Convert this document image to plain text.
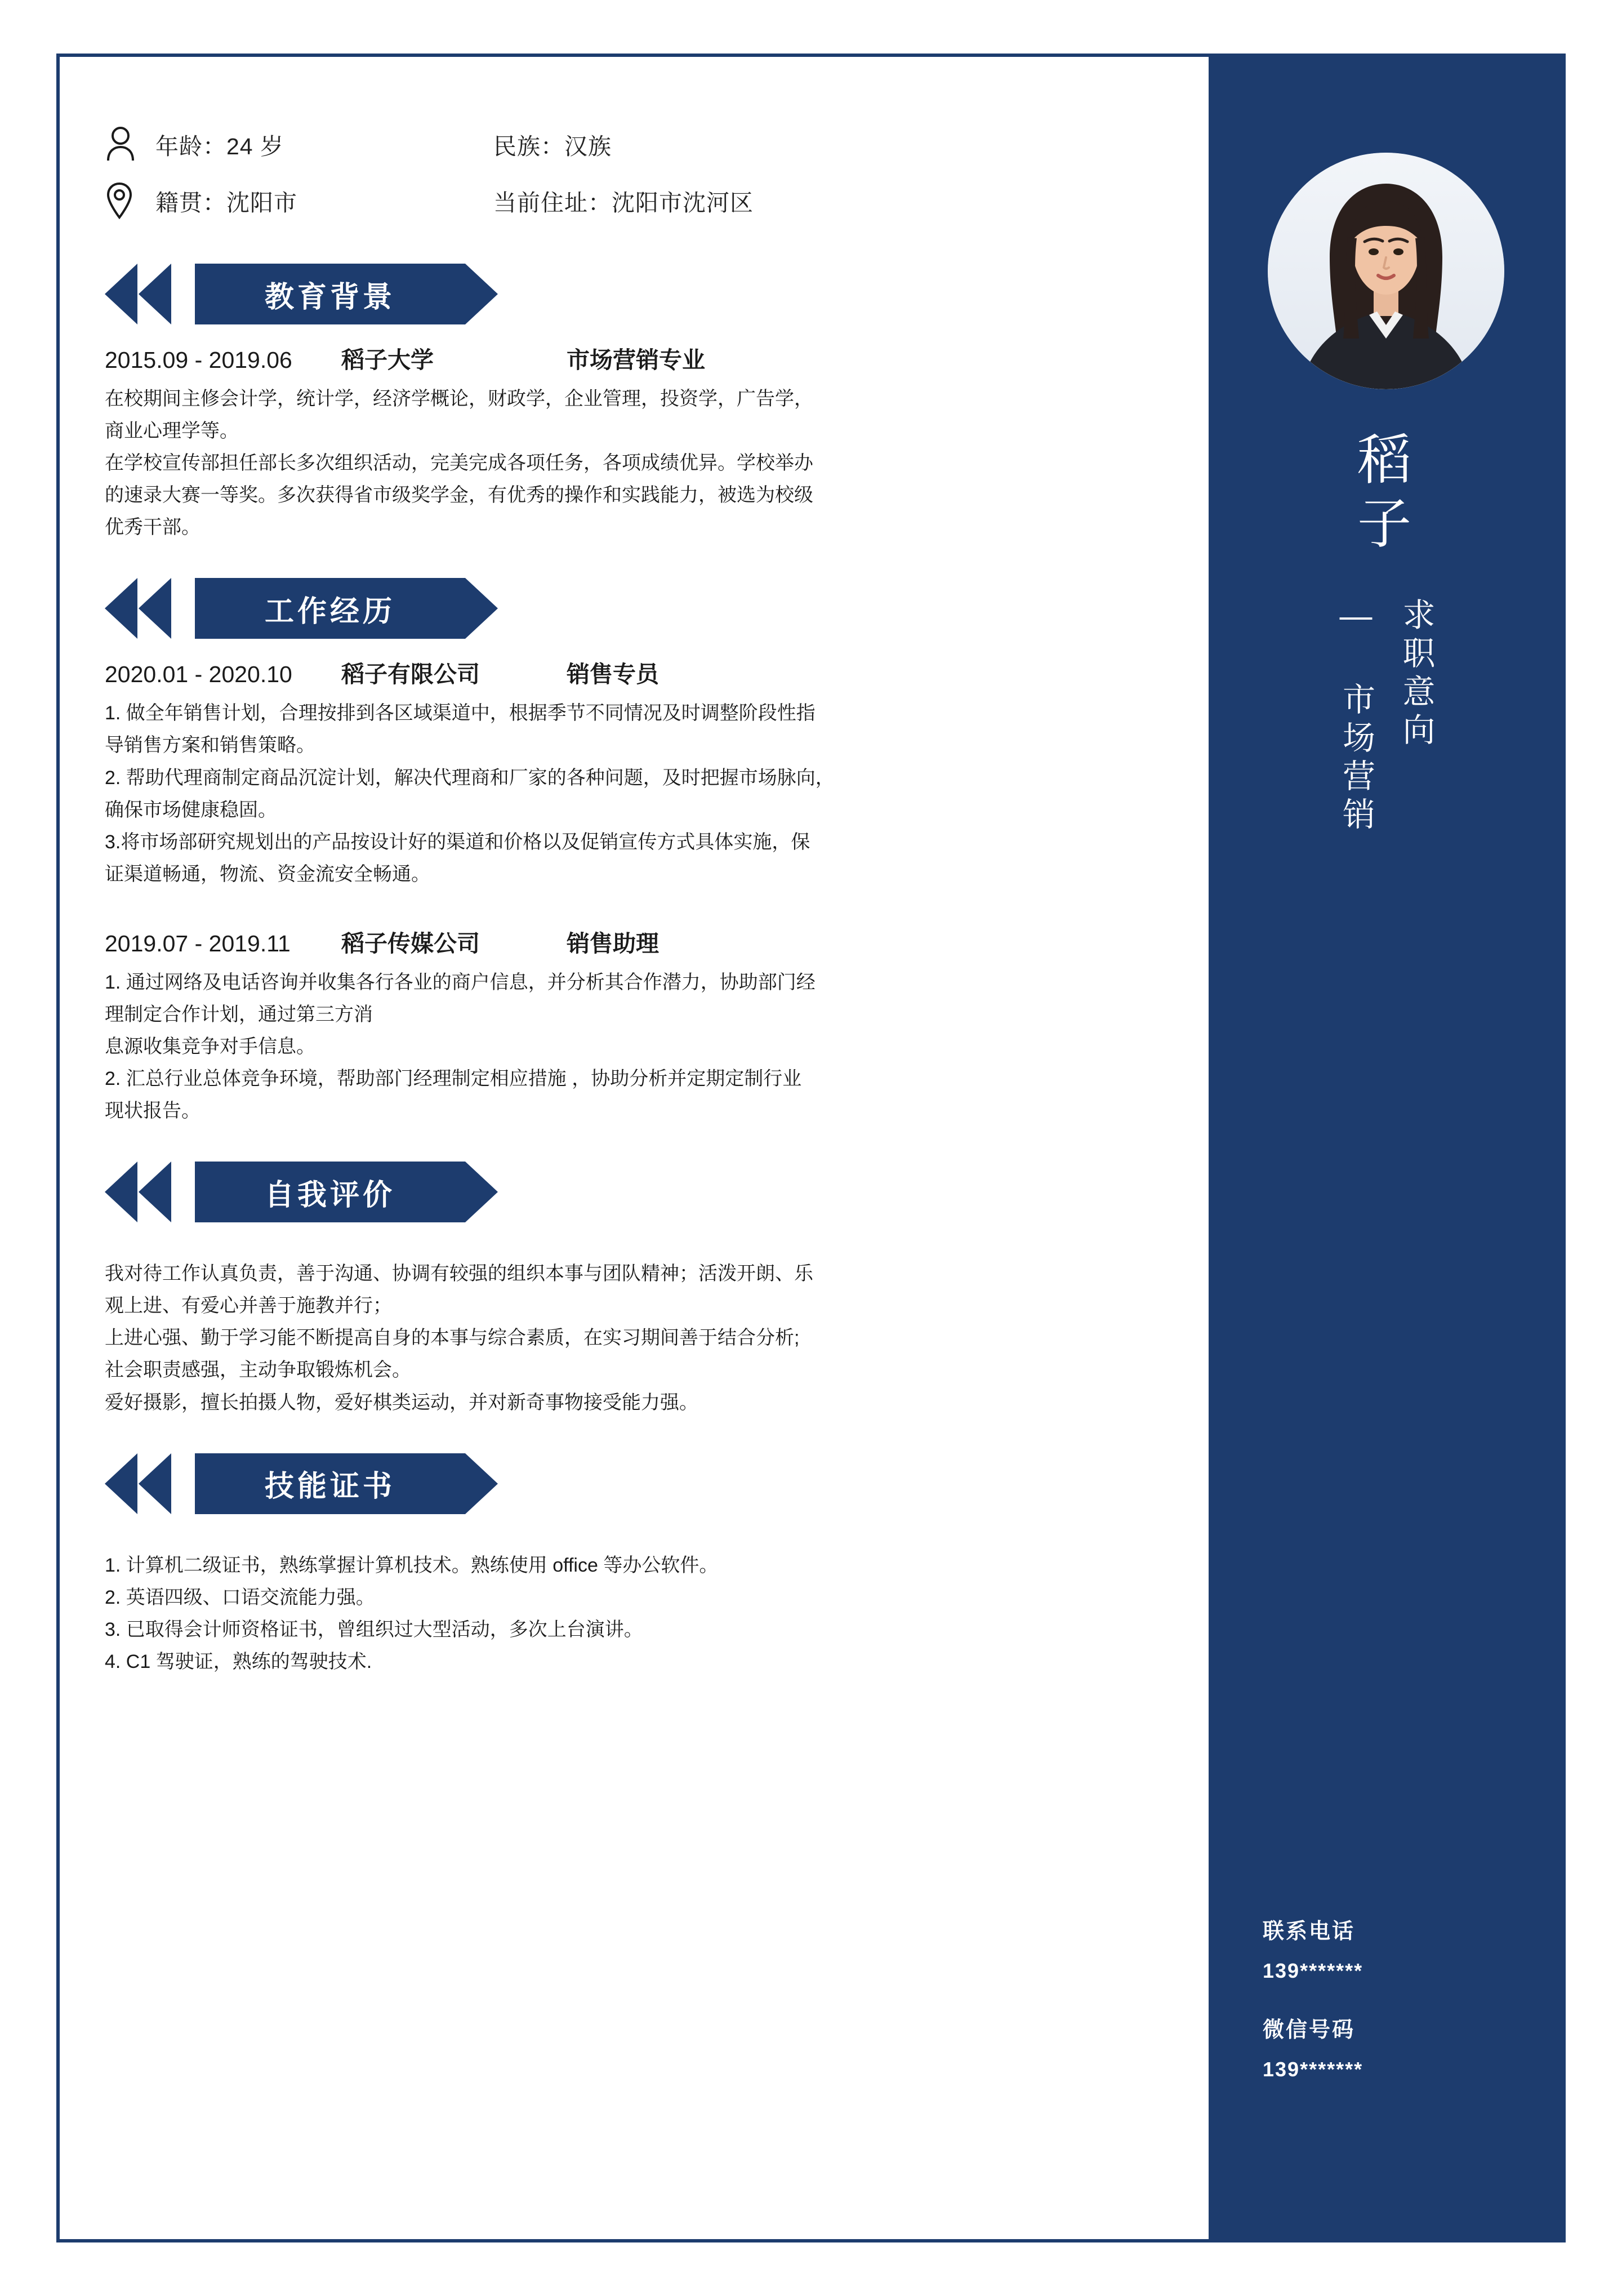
年龄：24 岁	民族：汉族
籍贯：沈阳市	当前住址：沈阳市沈河区
教育背景
2015.09 - 2019.06	稻子大学	市场营销专业

在校期间主修会计学，统计学，经济学概论，财政学，企业管理，投资学，广告学，

商业心理学等。

在学校宣传部担任部长多次组织活动，完美完成各项任务，各项成绩优异。学校举办

的速录大赛一等奖。多次获得省市级奖学金，有优秀的操作和实践能力，被选为校级

优秀干部。

工作经历
2020.01 - 2020.10	稻子有限公司	销售专员

1. 做全年销售计划，合理按排到各区域渠道中，根据季节不同情况及时调整阶段性指

导销售方案和销售策略。

2. 帮助代理商制定商品沉淀计划，解决代理商和厂家的各种问题，及时把握市场脉向，

确保市场健康稳固。

3.将市场部研究规划出的产品按设计好的渠道和价格以及促销宣传方式具体实施，保

证渠道畅通，物流、资金流安全畅通。

2019.07 - 2019.11	稻子传媒公司	销售助理

1. 通过网络及电话咨询并收集各行各业的商户信息，并分析其合作潜力，协助部门经

理制定合作计划，通过第三方消

息源收集竞争对手信息。

2. 汇总行业总体竞争环境，帮助部门经理制定相应措施 ，协助分析并定期定制行业

现状报告。

自我评价

我对待工作认真负责，善于沟通、协调有较强的组织本事与团队精神；活泼开朗、乐

观上进、有爱心并善于施教并行；

上进心强、勤于学习能不断提高自身的本事与综合素质，在实习期间善于结合分析;

社会职责感强，主动争取锻炼机会。

爱好摄影，擅长拍摄人物，爱好棋类运动，并对新奇事物接受能力强。

技能证书

1. 计算机二级证书，熟练掌握计算机技术。熟练使用 office 等办公软件。

2. 英语四级、口语交流能力强。

3. 已取得会计师资格证书，曾组织过大型活动，多次上台演讲。

4. C1 驾驶证，熟练的驾驶技术.

稻
子
— 市场营销 求职意向
联系电话
139*******
微信号码
139*******
